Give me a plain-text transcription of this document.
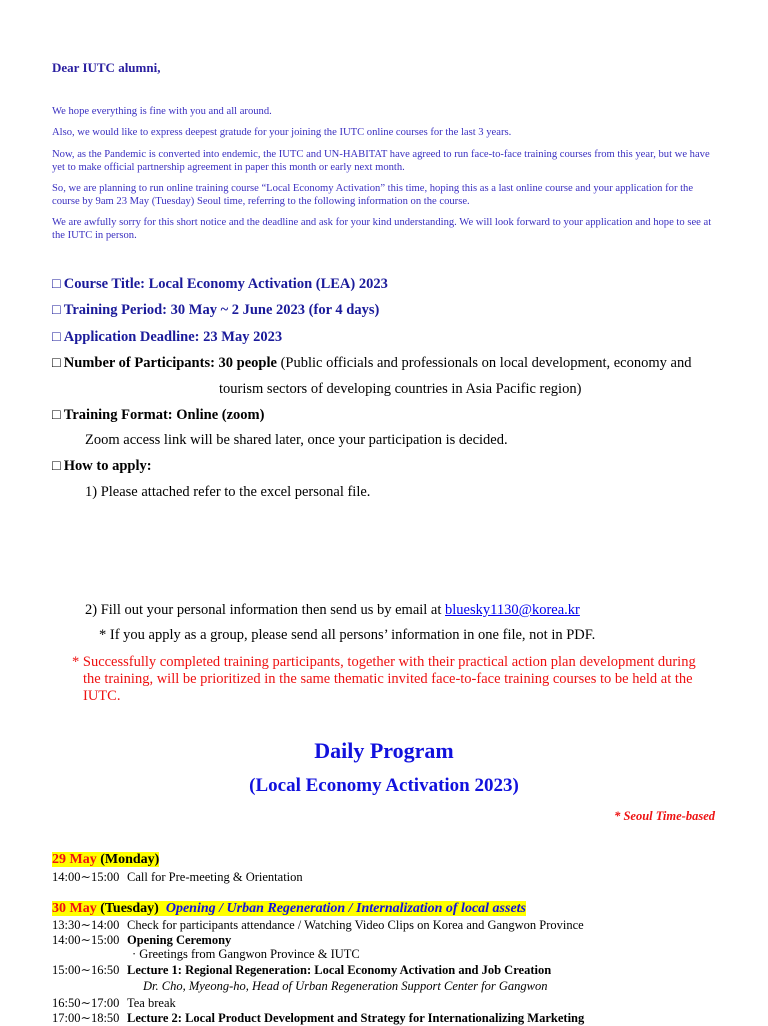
Dear IUTC alumni,

We hope everything is fine with you and all around.

Also, we would like to express deepest gratude for your joining the IUTC online courses for the last 3 years.

Now, as the Pandemic is converted into endemic, the IUTC and UN-HABITAT have agreed to run face-to-face training courses from this year, but we have yet to make official partnership agreement in paper this month or early next month.

So, we are planning to run online training course “Local Economy Activation” this time, hoping this as a last online course and your application for the course by 9am 23 May (Tuesday) Seoul time, referring to the following information on the course.

We are awfully sorry for this short notice and the deadline and ask for your kind understanding. We will look forward to your application and hope to see at the IUTC in person.

□ Course Title: Local Economy Activation (LEA) 2023
□ Training Period: 30 May ~ 2 June 2023 (for 4 days)
□ Application Deadline: 23 May 2023
□ Number of Participants: 30 people (Public officials and professionals on local development, economy and
tourism sectors of developing countries in Asia Pacific region)
□ Training Format: Online (zoom)
Zoom access link will be shared later, once your participation is decided.
□ How to apply:
1) Please attached refer to the excel personal file.
2) Fill out your personal information then send us by email at bluesky1130@korea.kr
* If you apply as a group, please send all persons’ information in one file, not in PDF.
* Successfully completed training participants, together with their practical action plan development during
the training, will be prioritized in the same thematic invited face-to-face training courses to be held at the
IUTC.
Daily Program
(Local Economy Activation 2023)
* Seoul Time-based
29 May (Monday)
14:00∼15:00 Call for Pre-meeting & Orientation
30 May (Tuesday) Opening / Urban Regeneration / Internalization of local assets
13:30∼14:00 Check for participants attendance / Watching Video Clips on Korea and Gangwon Province
14:00∼15:00 Opening Ceremony
· Greetings from Gangwon Province & IUTC
15:00∼16:50 Lecture 1: Regional Regeneration: Local Economy Activation and Job Creation
Dr. Cho, Myeong-ho, Head of Urban Regeneration Support Center for Gangwon
16:50∼17:00 Tea break
17:00∼18:50 Lecture 2: Local Product Development and Strategy for Internationalizing Marketing
